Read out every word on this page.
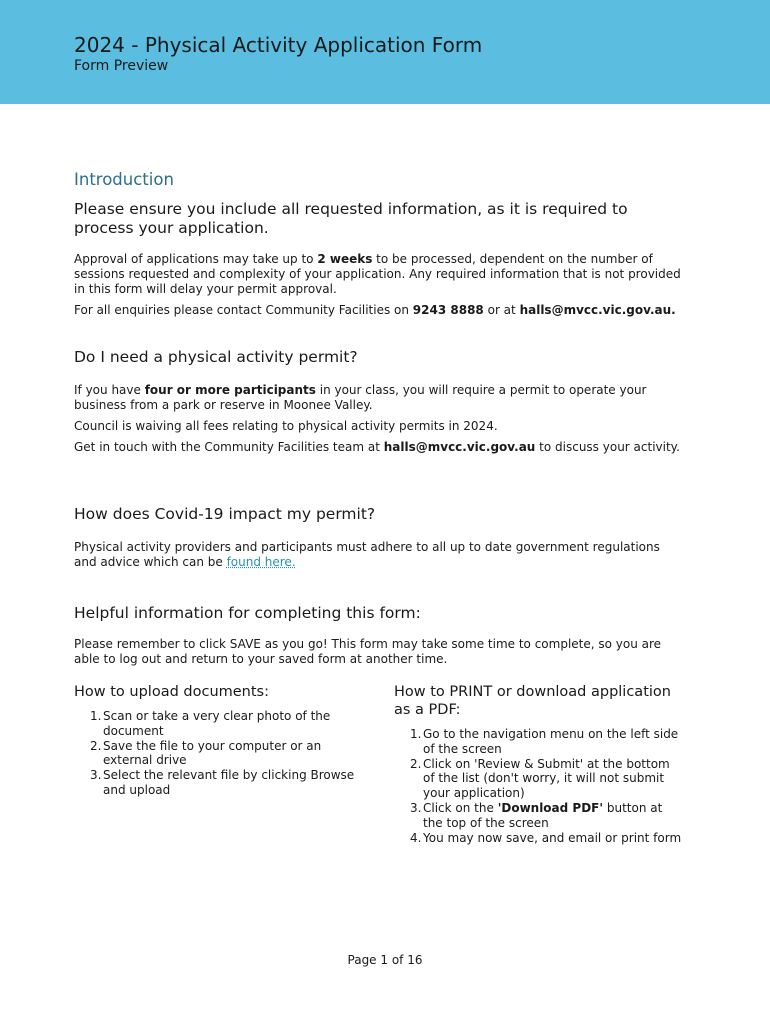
2024 - Physical Activity Application Form
Form Preview
Introduction
Please ensure you include all requested information, as it is required to process your application.

Approval of applications may take up to 2 weeks to be processed, dependent on the number of sessions requested and complexity of your application. Any required information that is not provided in this form will delay your permit approval.

For all enquiries please contact Community Facilities on 9243 8888 or at halls@mvcc.vic.gov.au.

Do I need a physical activity permit?

If you have four or more participants in your class, you will require a permit to operate your business from a park or reserve in Moonee Valley.

Council is waiving all fees relating to physical activity permits in 2024.

Get in touch with the Community Facilities team at halls@mvcc.vic.gov.au to discuss your activity.

How does Covid-19 impact my permit?

Physical activity providers and participants must adhere to all up to date government regulations and advice which can be found here.

Helpful information for completing this form:

Please remember to click SAVE as you go! This form may take some time to complete, so you are able to log out and return to your saved form at another time.

How to upload documents:
1. Scan or take a very clear photo of the document
2. Save the file to your computer or an external drive
3. Select the relevant file by clicking Browse and upload
How to PRINT or download application as a PDF:
1. Go to the navigation menu on the left side of the screen
2. Click on 'Review & Submit' at the bottom of the list (don't worry, it will not submit your application)
3. Click on the 'Download PDF' button at the top of the screen
4. You may now save, and email or print form
Page 1 of 16
